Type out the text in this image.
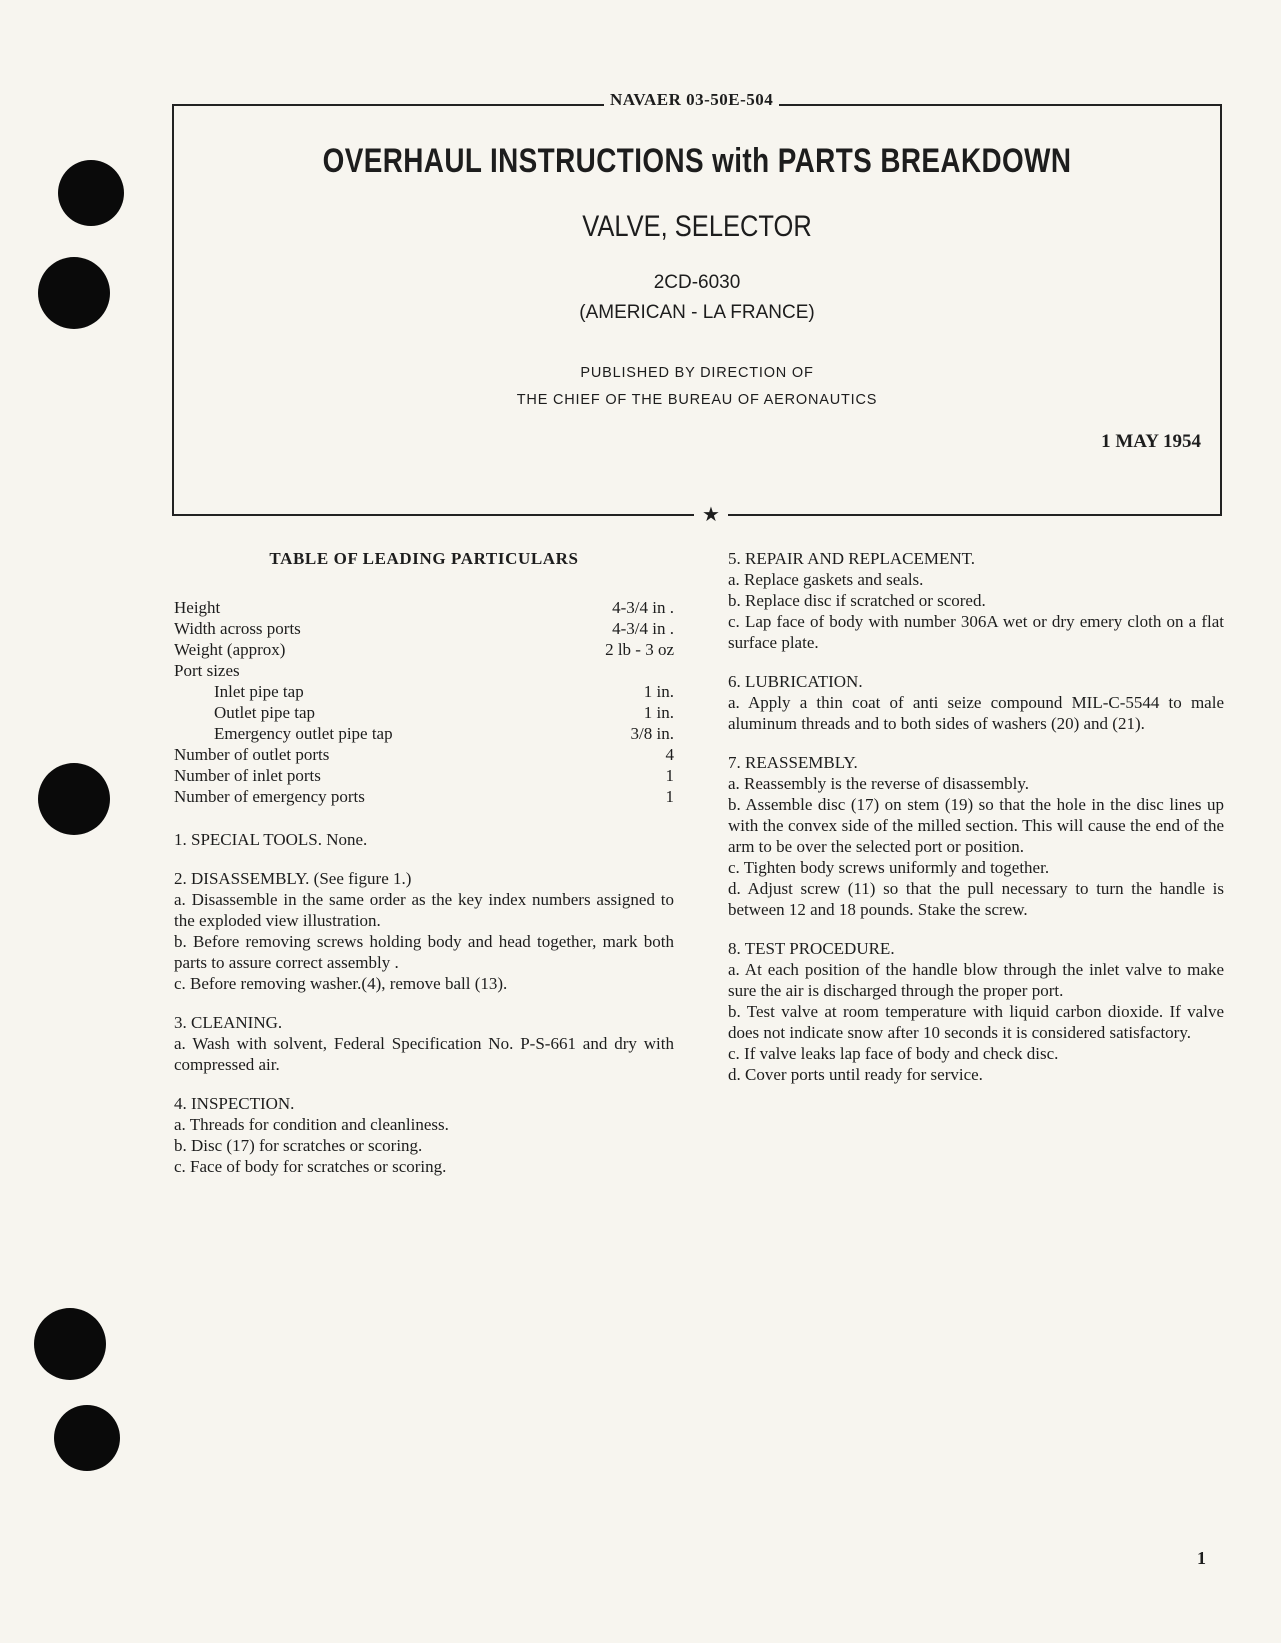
NAVAER 03-50E-504
OVERHAUL INSTRUCTIONS with PARTS BREAKDOWN
VALVE, SELECTOR
2CD-6030
(AMERICAN - LA FRANCE)
PUBLISHED BY DIRECTION OF
THE CHIEF OF THE BUREAU OF AERONAUTICS
1 MAY 1954
★
TABLE OF LEADING PARTICULARS
Height	4-3/4 in .
Width across ports	4-3/4 in .
Weight (approx)	2 lb - 3 oz
Port sizes
Inlet pipe tap	1 in.
Outlet pipe tap	1 in.
Emergency outlet pipe tap	3/8 in.
Number of outlet ports	4
Number of inlet ports	1
Number of emergency ports	1
1. SPECIAL TOOLS. None.
2. DISASSEMBLY. (See figure 1.)
a. Disassemble in the same order as the key index numbers assigned to the exploded view illustration.
b. Before removing screws holding body and head together, mark both parts to assure correct assembly .
c. Before removing washer.(4), remove ball (13).
3. CLEANING.
a. Wash with solvent, Federal Specification No. P-S-661 and dry with compressed air.
4. INSPECTION.
a. Threads for condition and cleanliness.
b. Disc (17) for scratches or scoring.
c. Face of body for scratches or scoring.
5. REPAIR AND REPLACEMENT.
a. Replace gaskets and seals.
b. Replace disc if scratched or scored.
c. Lap face of body with number 306A wet or dry emery cloth on a flat surface plate.
6. LUBRICATION.
a. Apply a thin coat of anti seize compound MIL-C-5544 to male aluminum threads and to both sides of washers (20) and (21).
7. REASSEMBLY.
a. Reassembly is the reverse of disassembly.
b. Assemble disc (17) on stem (19) so that the hole in the disc lines up with the convex side of the milled section. This will cause the end of the arm to be over the selected port or position.
c. Tighten body screws uniformly and together.
d. Adjust screw (11) so that the pull necessary to turn the handle is between 12 and 18 pounds. Stake the screw.
8. TEST PROCEDURE.
a. At each position of the handle blow through the inlet valve to make sure the air is discharged through the proper port.
b. Test valve at room temperature with liquid carbon dioxide. If valve does not indicate snow after 10 seconds it is considered satisfactory.
c. If valve leaks lap face of body and check disc.
d. Cover ports until ready for service.
1
